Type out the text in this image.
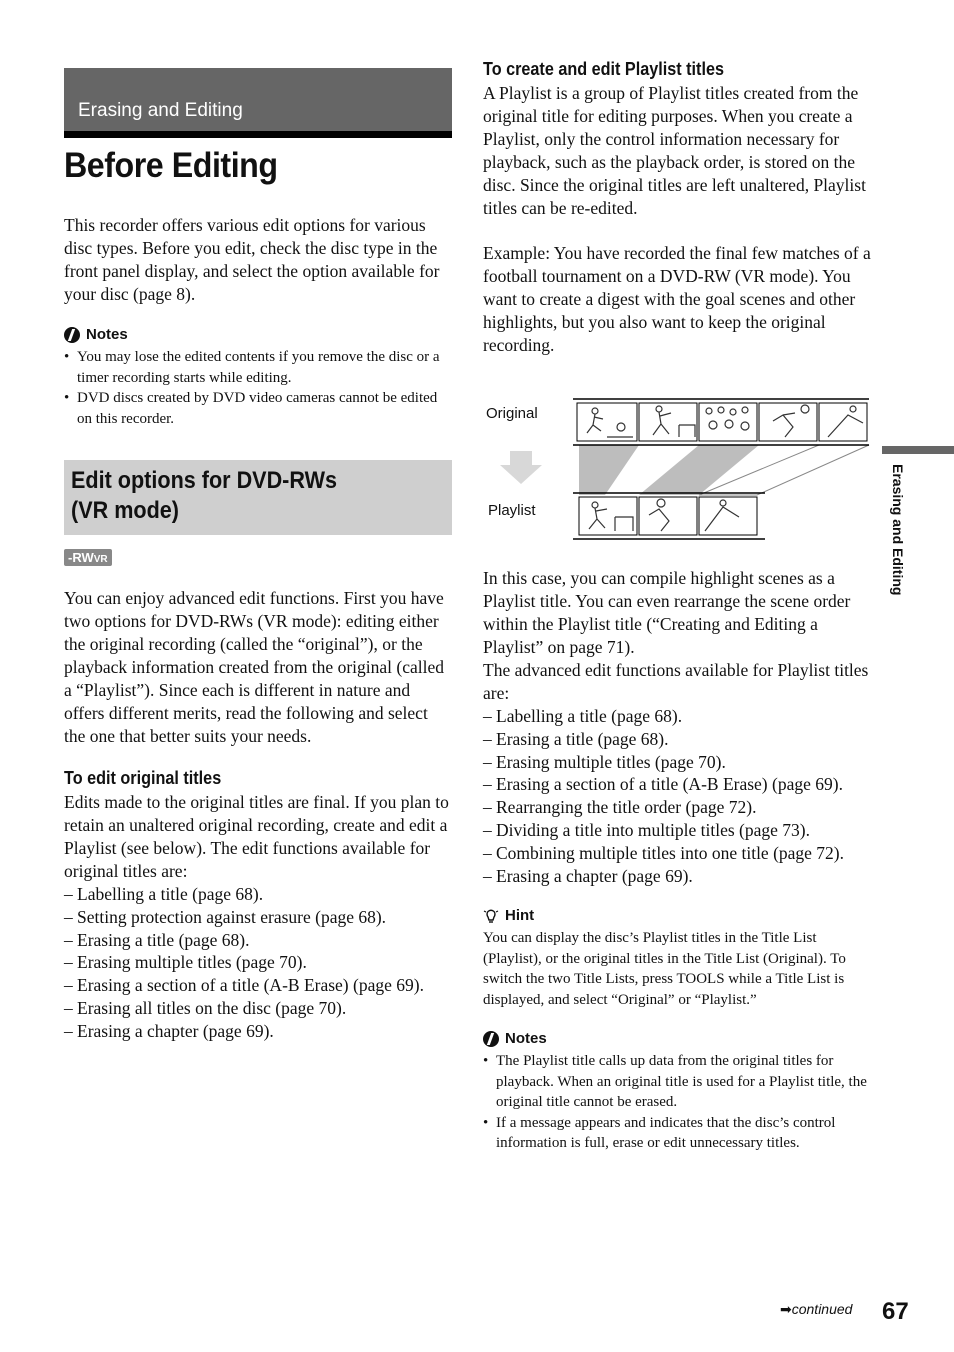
Erasing and Editing
Before Editing

This recorder offers various edit options for various disc types. Before you edit, check the disc type in the front panel display, and select the option available for your disc (page 8).

Notes
• You may lose the edited contents if you remove the disc or a timer recording starts while editing.
• DVD discs created by DVD video cameras cannot be edited on this recorder.
Edit options for DVD-RWs
(VR mode)
-RWVR

You can enjoy advanced edit functions. First you have two options for DVD-RWs (VR mode): editing either the original recording (called the “original”), or the playback information created from the original (called a “Playlist”). Since each is different in nature and offers different merits, read the following and select the one that better suits your needs.

To edit original titles

Edits made to the original titles are final. If you plan to retain an unaltered original recording, create and edit a Playlist (see below). The edit functions available for original titles are:

– Labelling a title (page 68).
– Setting protection against erasure (page 68).
– Erasing a title (page 68).
– Erasing multiple titles (page 70).
– Erasing a section of a title (A-B Erase) (page 69).
– Erasing all titles on the disc (page 70).
– Erasing a chapter (page 69).
To create and edit Playlist titles

A Playlist is a group of Playlist titles created from the original title for editing purposes. When you create a Playlist, only the control information necessary for playback, such as the playback order, is stored on the disc. Since the original titles are left unaltered, Playlist titles can be re-edited.

Example: You have recorded the final few matches of a football tournament on a DVD-RW (VR mode). You want to create a digest with the goal scenes and other highlights, but you also want to keep the original recording.

Original
Playlist

In this case, you can compile highlight scenes as a Playlist title. You can even rearrange the scene order within the Playlist title (“Creating and Editing a Playlist” on page 71).

The advanced edit functions available for Playlist titles are:

– Labelling a title (page 68).
– Erasing a title (page 68).
– Erasing multiple titles (page 70).
– Erasing a section of a title (A-B Erase) (page 69).
– Rearranging the title order (page 72).
– Dividing a title into multiple titles (page 73).
– Combining multiple titles into one title (page 72).
– Erasing a chapter (page 69).
Hint

You can display the disc’s Playlist titles in the Title List (Playlist), or the original titles in the Title List (Original). To switch the two Title Lists, press TOOLS while a Title List is displayed, and select “Original” or “Playlist.”

Notes
• The Playlist title calls up data from the original titles for playback. When an original title is used for a Playlist title, the original title cannot be erased.
• If a message appears and indicates that the disc’s control information is full, erase or edit unnecessary titles.
Erasing and Editing
➡continued 67
